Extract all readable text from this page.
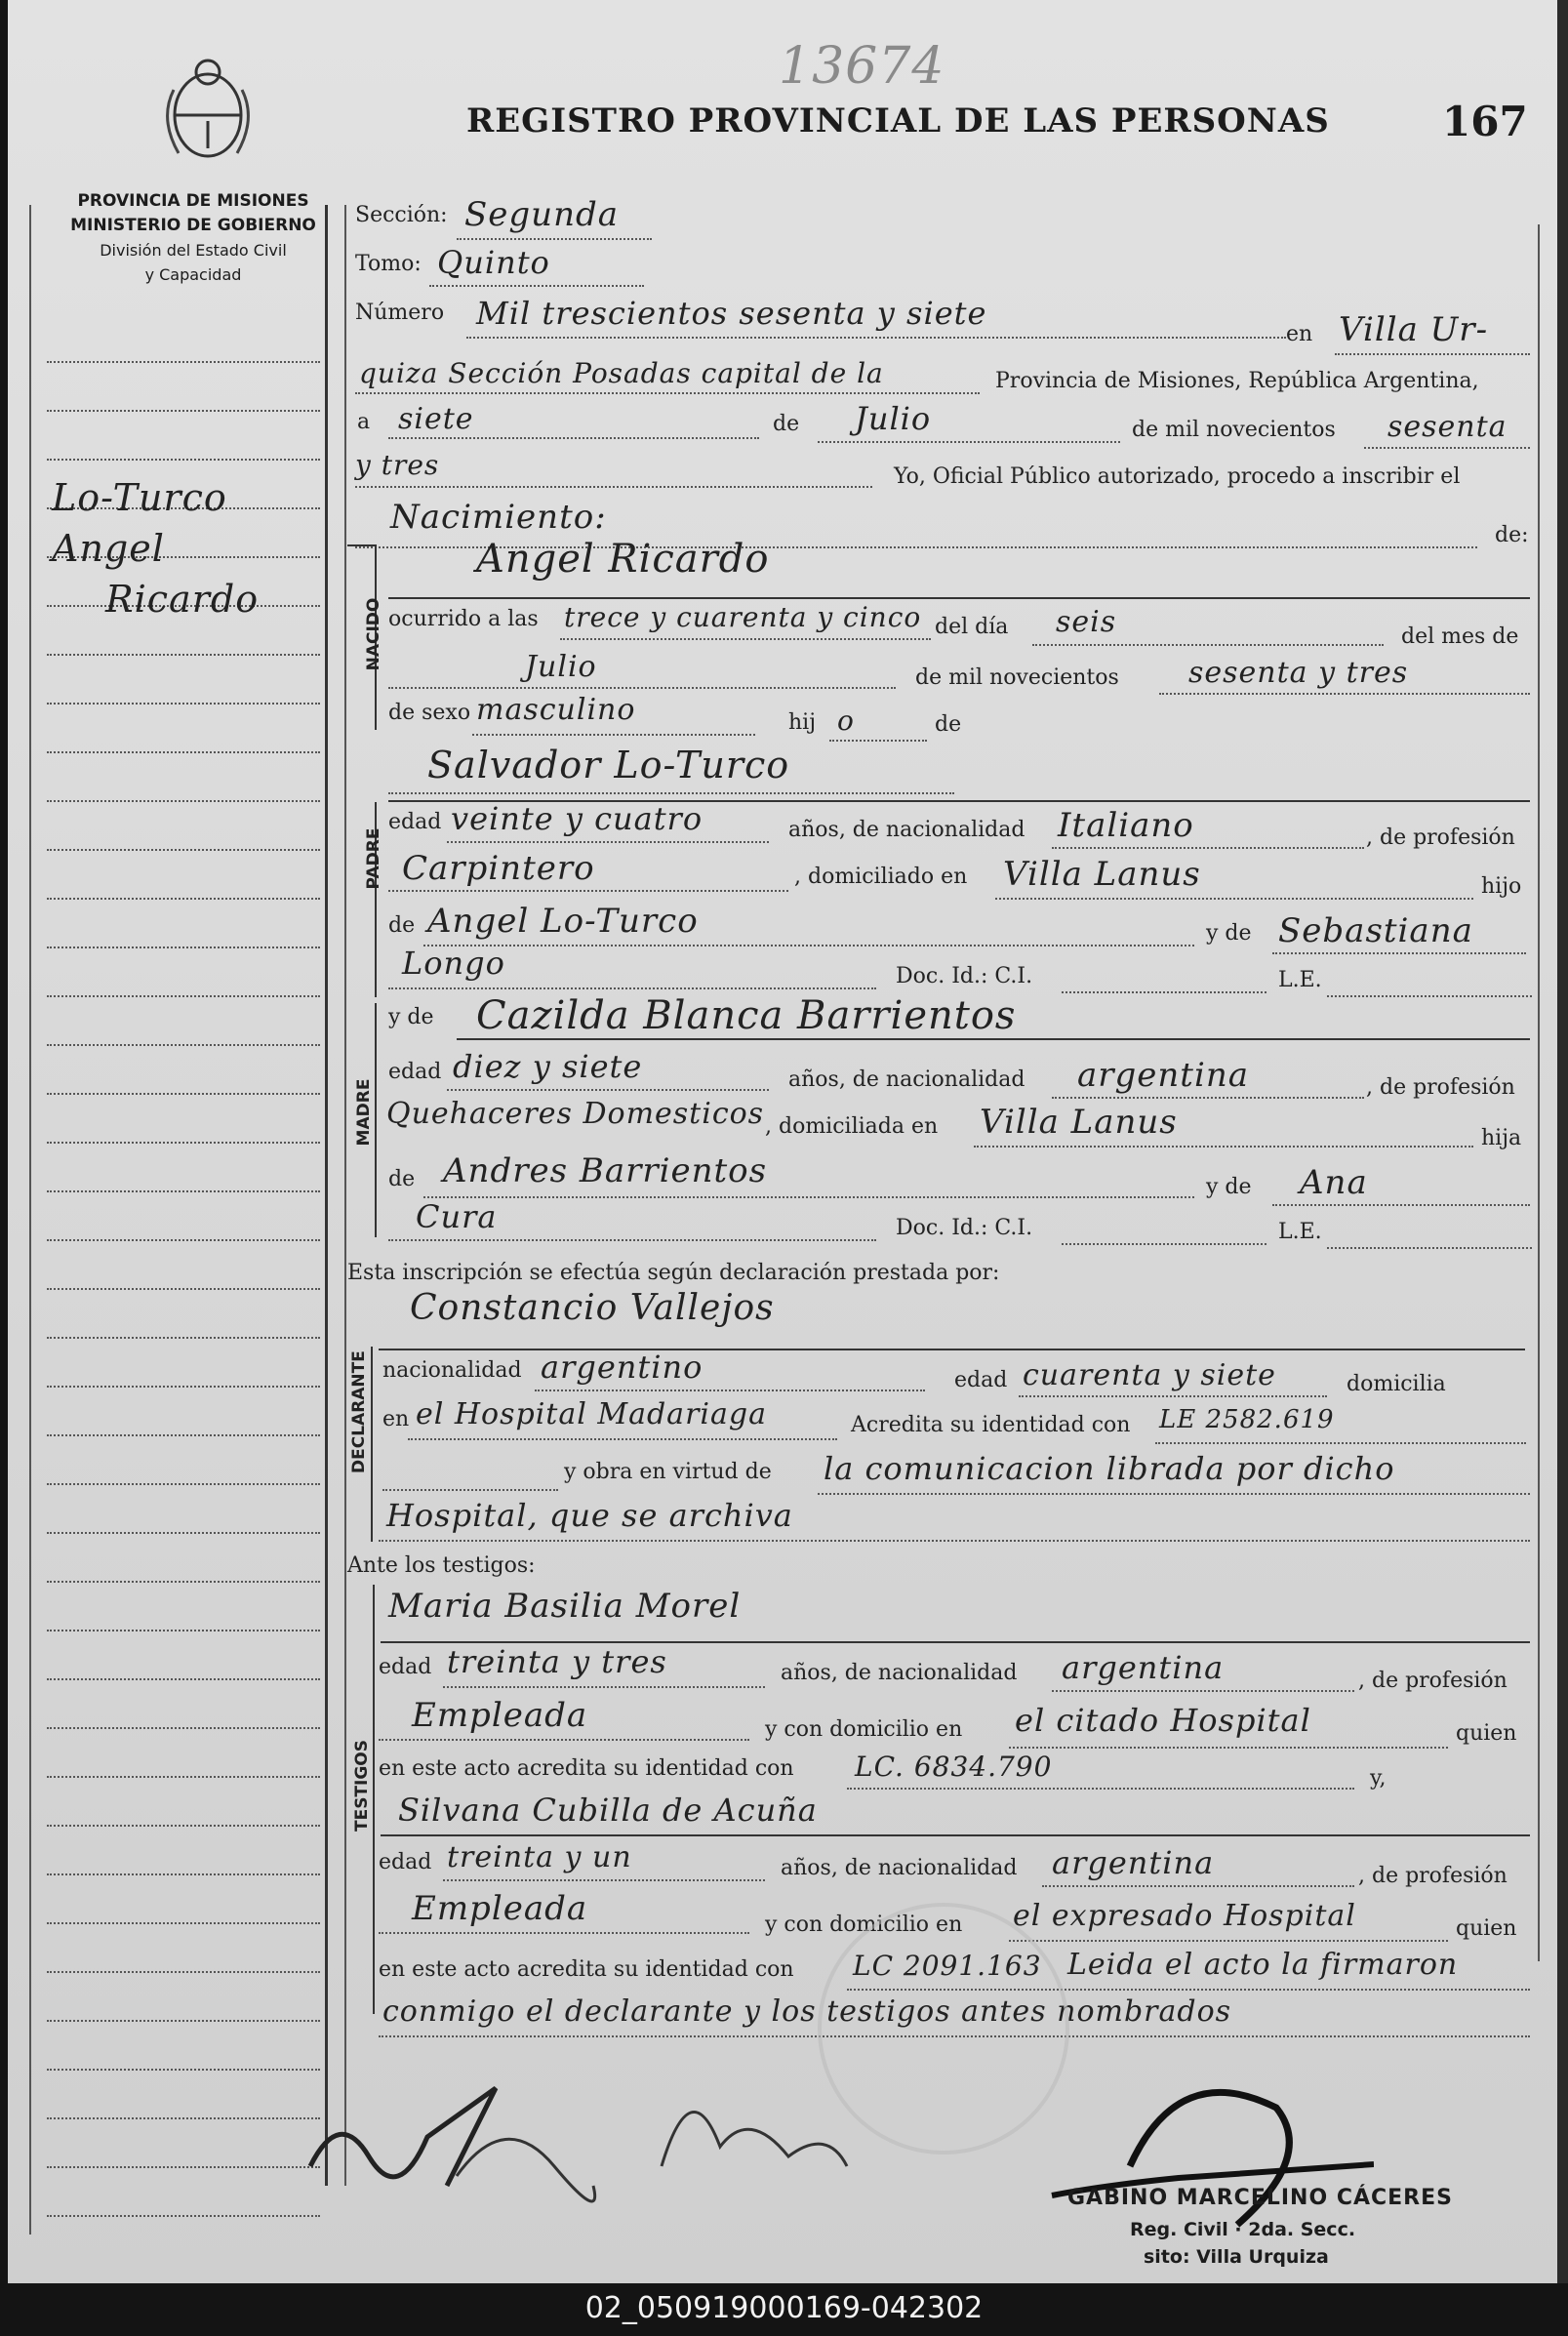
13674
REGISTRO PROVINCIAL DE LAS PERSONAS	167
PROVINCIA DE MISIONES
MINISTERIO DE GOBIERNO
División del Estado Civil
y Capacidad
Lo-Turco
Angel
Ricardo
Sección: Segunda
Tomo: Quinto
Número Mil trescientos sesenta y siete
en Villa Ur-
quiza Sección Posadas capital de la	Provincia de Misiones, República Argentina,
a siete	de Julio	de mil novecientos sesenta
y tres	Yo, Oficial Público autorizado, procedo a inscribir el
Nacimiento:	de:
NACIDO
Angel Ricardo
ocurrido a las trece y cuarenta y cinco del día seis	del mes de
Julio	de mil novecientos sesenta y tres
de sexo masculino	hij o	de
PADRE
Salvador Lo-Turco
edad veinte y cuatro	años, de nacionalidad Italiano	, de profesión
Carpintero	, domiciliado en Villa Lanus	hijo
de Angel Lo-Turco	y de Sebastiana
Longo	Doc. Id.: C.I.	L.E.
MADRE
y de Cazilda Blanca Barrientos
edad diez y siete	años, de nacionalidad argentina	, de profesión
Quehaceres Domesticos , domiciliada en Villa Lanus	hija
de Andres Barrientos	y de Ana
Cura	Doc. Id.: C.I.	L.E.
Esta inscripción se efectúa según declaración prestada por:
DECLARANTE
Constancio Vallejos
nacionalidad argentino	edad cuarenta y siete	domicilia
en el Hospital Madariaga	Acredita su identidad con LE 2582.619
y obra en virtud de la comunicacion librada por dicho
Hospital, que se archiva
Ante los testigos:
TESTIGOS
Maria Basilia Morel
edad treinta y tres	años, de nacionalidad argentina	, de profesión
Empleada	y con domicilio en el citado Hospital	quien
en este acto acredita su identidad con LC. 6834.790	y,
Silvana Cubilla de Acuña
edad treinta y un	años, de nacionalidad argentina	, de profesión
Empleada	y con domicilio en el expresado Hospital	quien
en este acto acredita su identidad con LC 2091.163 Leida el acto la firmaron
conmigo el declarante y los testigos antes nombrados
GABINO MARCELINO CÁCERES
Reg. Civil · 2da. Secc.
sito: Villa Urquiza
02_050919000169-042302
